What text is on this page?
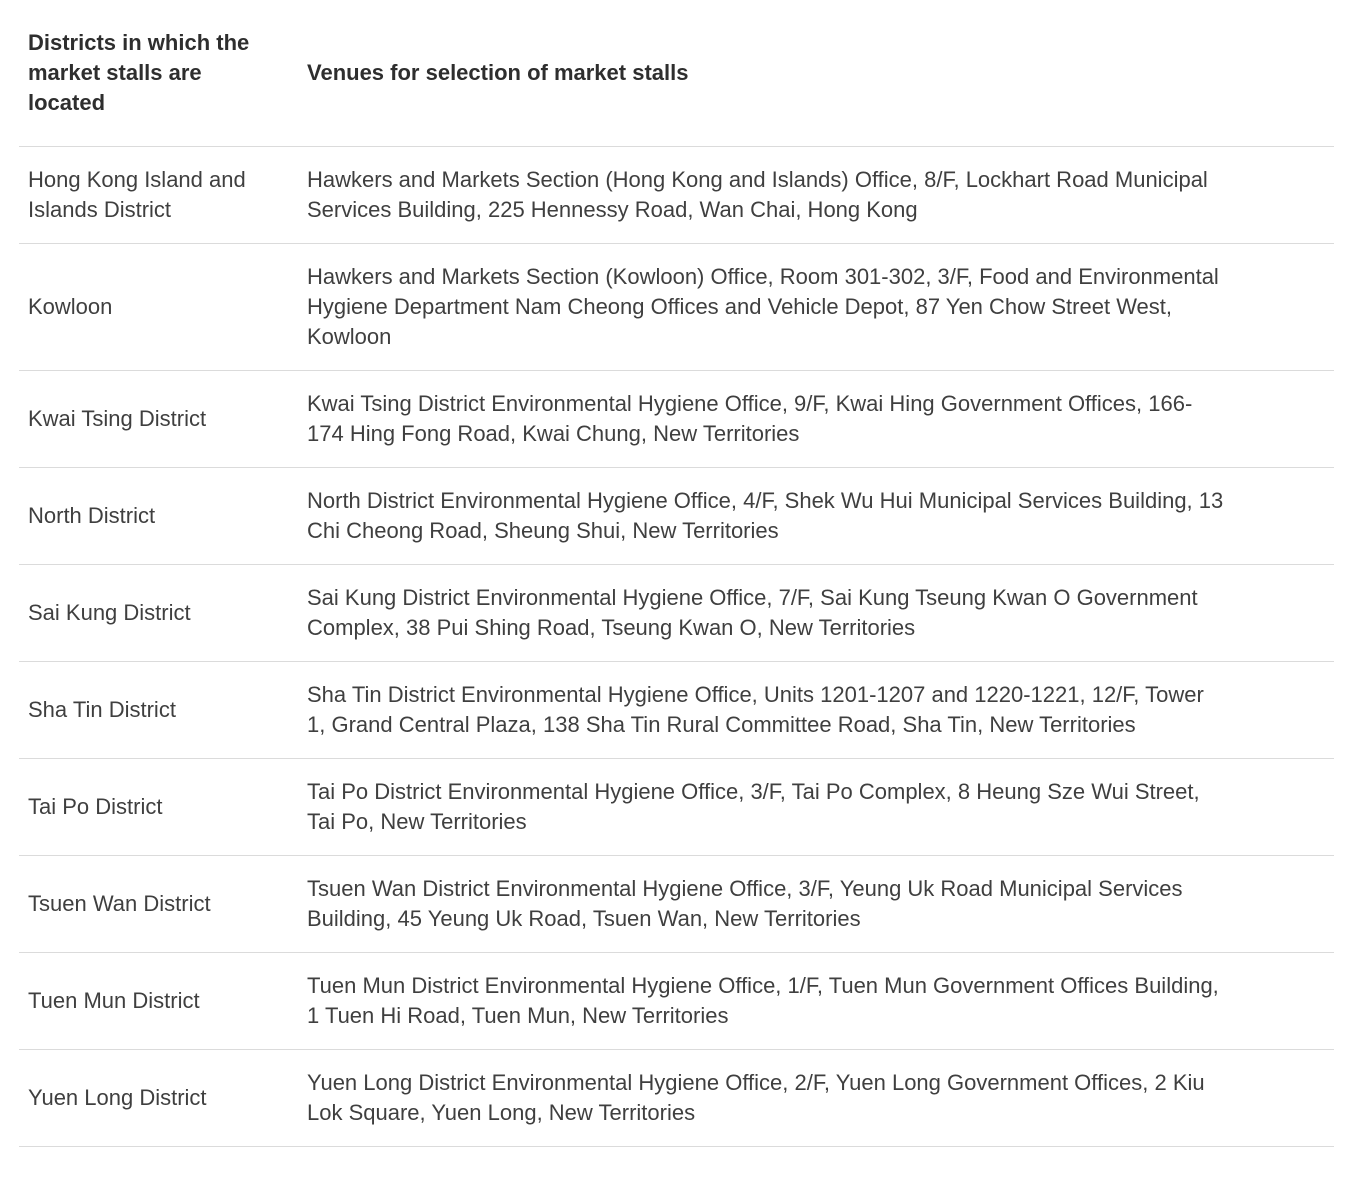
Districts in which the market stalls are located
Venues for selection of market stalls
Hong Kong Island and Islands District
Hawkers and Markets Section (Hong Kong and Islands) Office, 8/F, Lockhart Road Municipal Services Building, 225 Hennessy Road, Wan Chai, Hong Kong
Kowloon
Hawkers and Markets Section (Kowloon) Office, Room 301-302, 3/F, Food and Environmental Hygiene Department Nam Cheong Offices and Vehicle Depot, 87 Yen Chow Street West, Kowloon
Kwai Tsing District
Kwai Tsing District Environmental Hygiene Office, 9/F, Kwai Hing Government Offices, 166-174 Hing Fong Road, Kwai Chung, New Territories
North District
North District Environmental Hygiene Office, 4/F, Shek Wu Hui Municipal Services Building, 13 Chi Cheong Road, Sheung Shui, New Territories
Sai Kung District
Sai Kung District Environmental Hygiene Office, 7/F, Sai Kung Tseung Kwan O Government Complex, 38 Pui Shing Road, Tseung Kwan O, New Territories
Sha Tin District
Sha Tin District Environmental Hygiene Office, Units 1201-1207 and 1220-1221, 12/F, Tower 1, Grand Central Plaza, 138 Sha Tin Rural Committee Road, Sha Tin, New Territories
Tai Po District
Tai Po District Environmental Hygiene Office, 3/F, Tai Po Complex, 8 Heung Sze Wui Street, Tai Po, New Territories
Tsuen Wan District
Tsuen Wan District Environmental Hygiene Office, 3/F, Yeung Uk Road Municipal Services Building, 45 Yeung Uk Road, Tsuen Wan, New Territories
Tuen Mun District
Tuen Mun District Environmental Hygiene Office, 1/F, Tuen Mun Government Offices Building, 1 Tuen Hi Road, Tuen Mun, New Territories
Yuen Long District
Yuen Long District Environmental Hygiene Office, 2/F, Yuen Long Government Offices, 2 Kiu Lok Square, Yuen Long, New Territories
